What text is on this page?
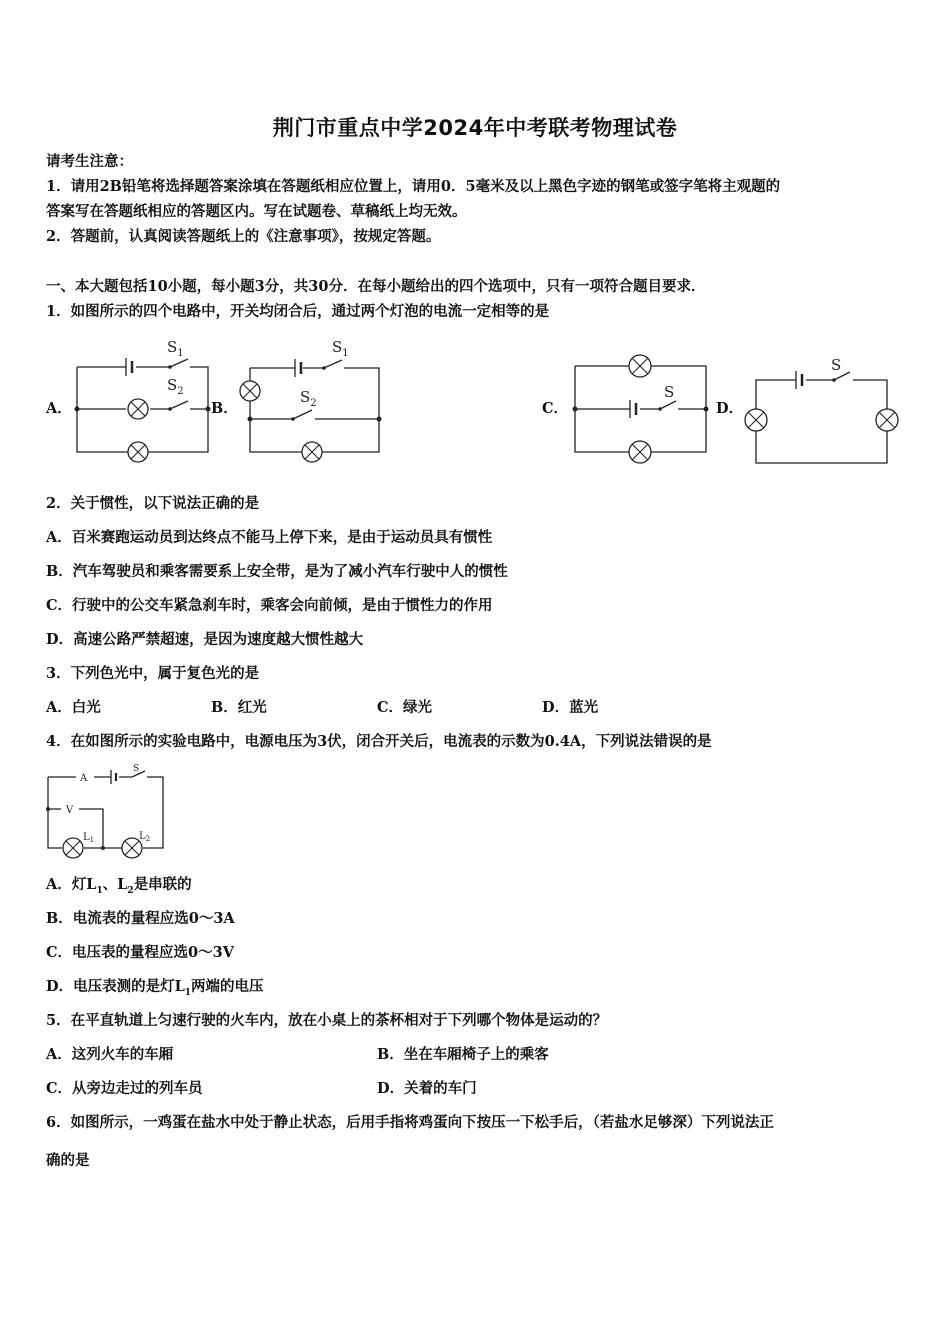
荆门市重点中学2024年中考联考物理试卷
请考生注意：
1．请用2B铅笔将选择题答案涂填在答题纸相应位置上，请用0．5毫米及以上黑色字迹的钢笔或签字笔将主观题的
答案写在答题纸相应的答题区内。写在试题卷、草稿纸上均无效。
2．答题前，认真阅读答题纸上的《注意事项》，按规定答题。
一、本大题包括10小题，每小题3分，共30分．在每小题给出的四个选项中，只有一项符合题目要求．
1．如图所示的四个电路中，开关均闭合后，通过两个灯泡的电流一定相等的是
A．	B．	C．	D．
$S_1$
$S_2$
$S_1$
$S_2$
S
S
2．关于惯性，以下说法正确的是
A．百米赛跑运动员到达终点不能马上停下来，是由于运动员具有惯性
B．汽车驾驶员和乘客需要系上安全带，是为了减小汽车行驶中人的惯性
C．行驶中的公交车紧急刹车时，乘客会向前倾，是由于惯性力的作用
D．高速公路严禁超速，是因为速度越大惯性越大
3．下列色光中，属于复色光的是
A．白光	B．红光	C．绿光	D．蓝光
4．在如图所示的实验电路中，电源电压为3伏，闭合开关后，电流表的示数为0.4A，下列说法错误的是
A
S
V
$L_1$	$L_2$
A．灯$L_1$、$L_2$是串联的
B．电流表的量程应选0～3A
C．电压表的量程应选0～3V
D．电压表测的是灯$L_1$两端的电压
5．在平直轨道上匀速行驶的火车内，放在小桌上的茶杯相对于下列哪个物体是运动的？
A．这列火车的车厢	B．坐在车厢椅子上的乘客
C．从旁边走过的列车员	D．关着的车门
6．如图所示，一鸡蛋在盐水中处于静止状态，后用手指将鸡蛋向下按压一下松手后，（若盐水足够深）下列说法正
确的是
